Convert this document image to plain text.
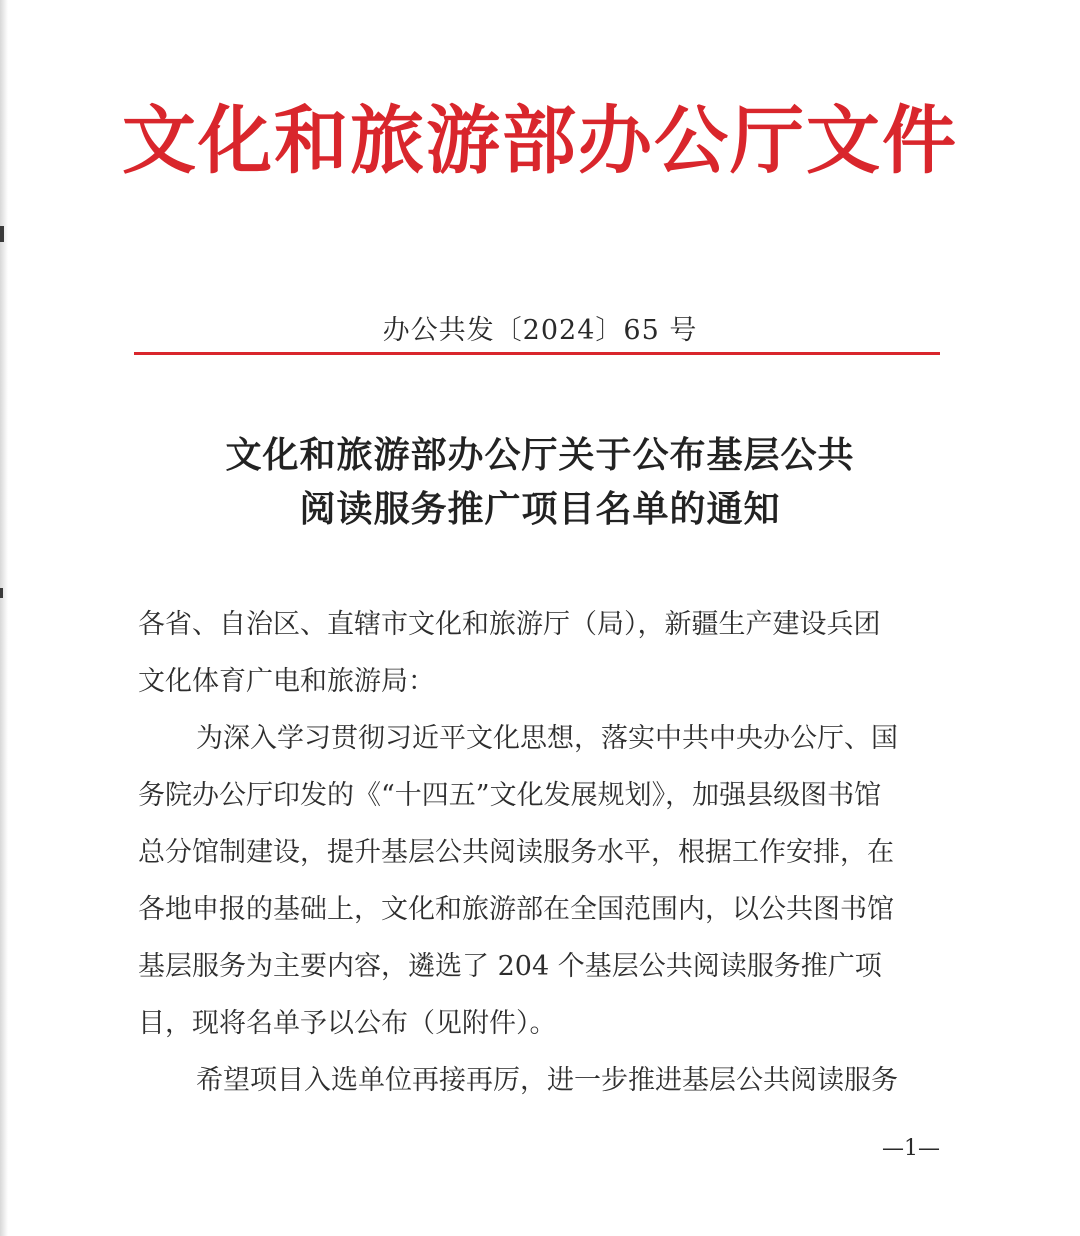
文化和旅游部办公厅文件
办公共发〔2024〕65 号
文化和旅游部办公厅关于公布基层公共
阅读服务推广项目名单的通知
各省、自治区、直辖市文化和旅游厅（局），新疆生产建设兵团
文化体育广电和旅游局：
为深入学习贯彻习近平文化思想，落实中共中央办公厅、国
务院办公厅印发的《“十四五”文化发展规划》，加强县级图书馆
总分馆制建设，提升基层公共阅读服务水平，根据工作安排，在
各地申报的基础上，文化和旅游部在全国范围内，以公共图书馆
基层服务为主要内容，遴选了 204 个基层公共阅读服务推广项
目，现将名单予以公布（见附件）。
希望项目入选单位再接再厉，进一步推进基层公共阅读服务
—1—
